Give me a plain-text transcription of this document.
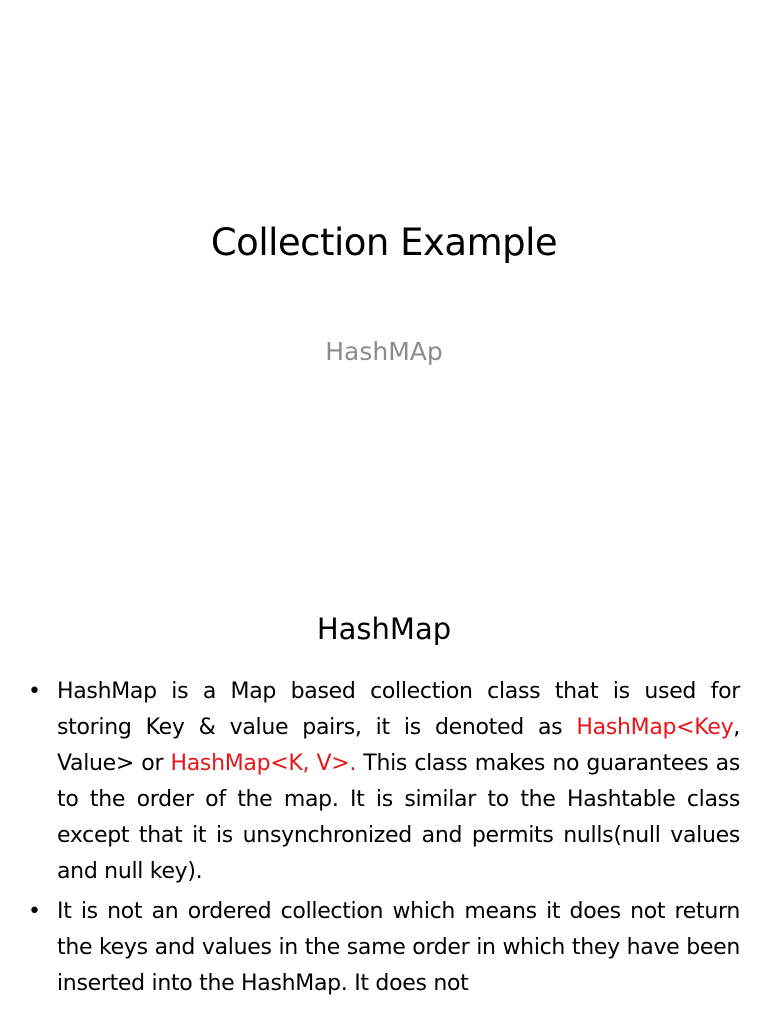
Collection Example
HashMAp
HashMap
• HashMap is a Map based collection class that is used for storing Key & value pairs, it is denoted as HashMap<Key, Value> or HashMap<K, V>. This class makes no guarantees as to the order of the map. It is similar to the Hashtable class except that it is unsynchronized and permits nulls(null values and null key).
• It is not an ordered collection which means it does not return the keys and values in the same order in which they have been inserted into the HashMap. It does not
